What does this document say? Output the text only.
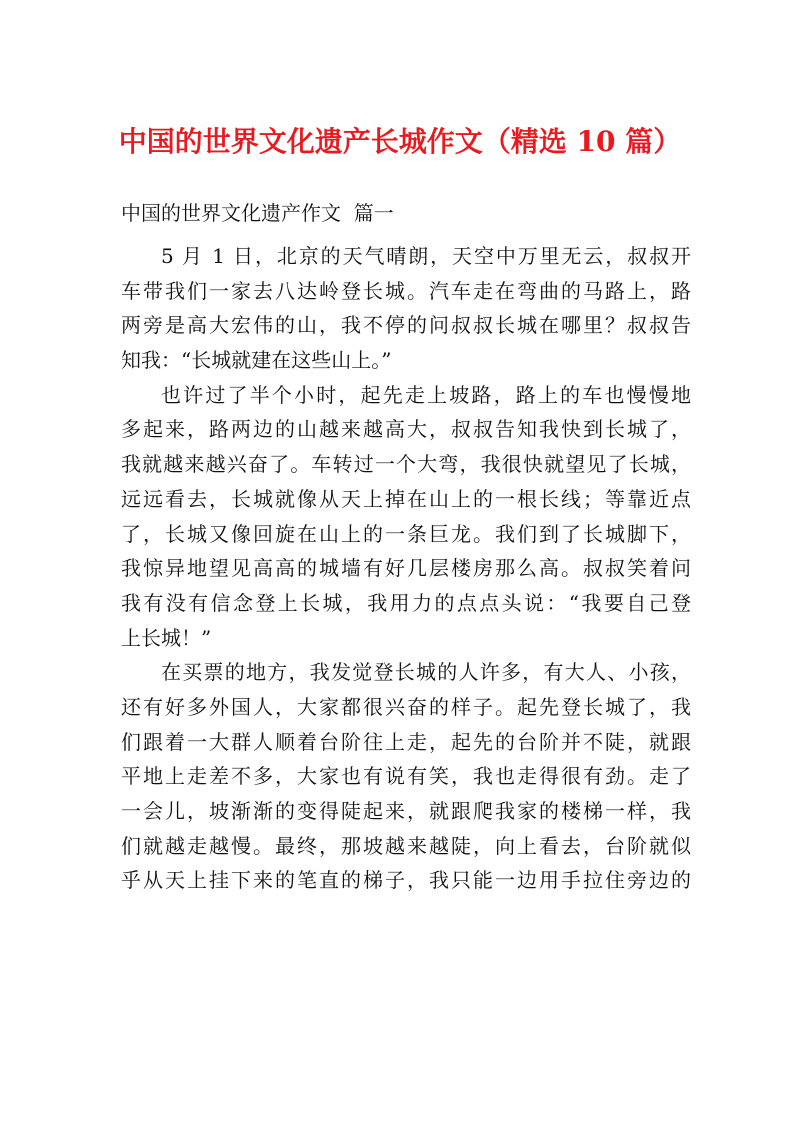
中国的世界文化遗产长城作文（精选 10 篇）
中国的世界文化遗产作文  篇一
5 月 1 日，北京的天气晴朗，天空中万里无云，叔叔开
车带我们一家去八达岭登长城。汽车走在弯曲的马路上，路
两旁是高大宏伟的山，我不停的问叔叔长城在哪里？叔叔告
知我：“长城就建在这些山上。”
也许过了半个小时，起先走上坡路，路上的车也慢慢地
多起来，路两边的山越来越高大，叔叔告知我快到长城了，
我就越来越兴奋了。车转过一个大弯，我很快就望见了长城，
远远看去，长城就像从天上掉在山上的一根长线；等靠近点
了，长城又像回旋在山上的一条巨龙。我们到了长城脚下，
我惊异地望见高高的城墙有好几层楼房那么高。叔叔笑着问
我有没有信念登上长城，我用力的点点头说：“我要自己登
上长城！”
在买票的地方，我发觉登长城的人许多，有大人、小孩，
还有好多外国人，大家都很兴奋的样子。起先登长城了，我
们跟着一大群人顺着台阶往上走，起先的台阶并不陡，就跟
平地上走差不多，大家也有说有笑，我也走得很有劲。走了
一会儿，坡渐渐的变得陡起来，就跟爬我家的楼梯一样，我
们就越走越慢。最终，那坡越来越陡，向上看去，台阶就似
乎从天上挂下来的笔直的梯子，我只能一边用手拉住旁边的
